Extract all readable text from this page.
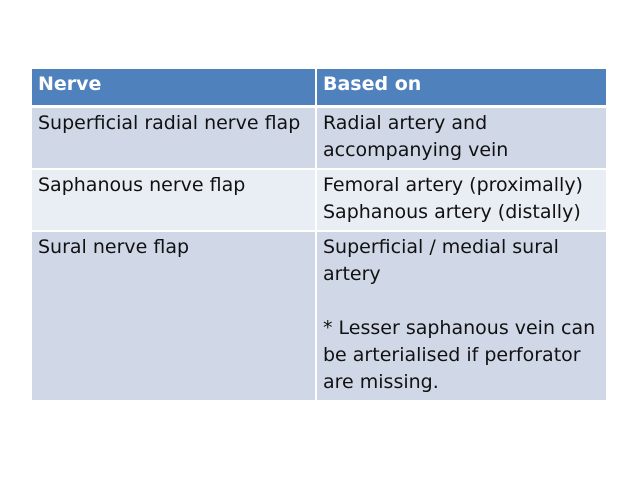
Nerve	Based on
Superficial radial nerve flap	Radial artery and accompanying vein
Saphanous nerve flap	Femoral artery (proximally)
Saphanous artery (distally)
Sural nerve flap	Superficial / medial sural artery

* Lesser saphanous vein can be arterialised if perforator are missing.
